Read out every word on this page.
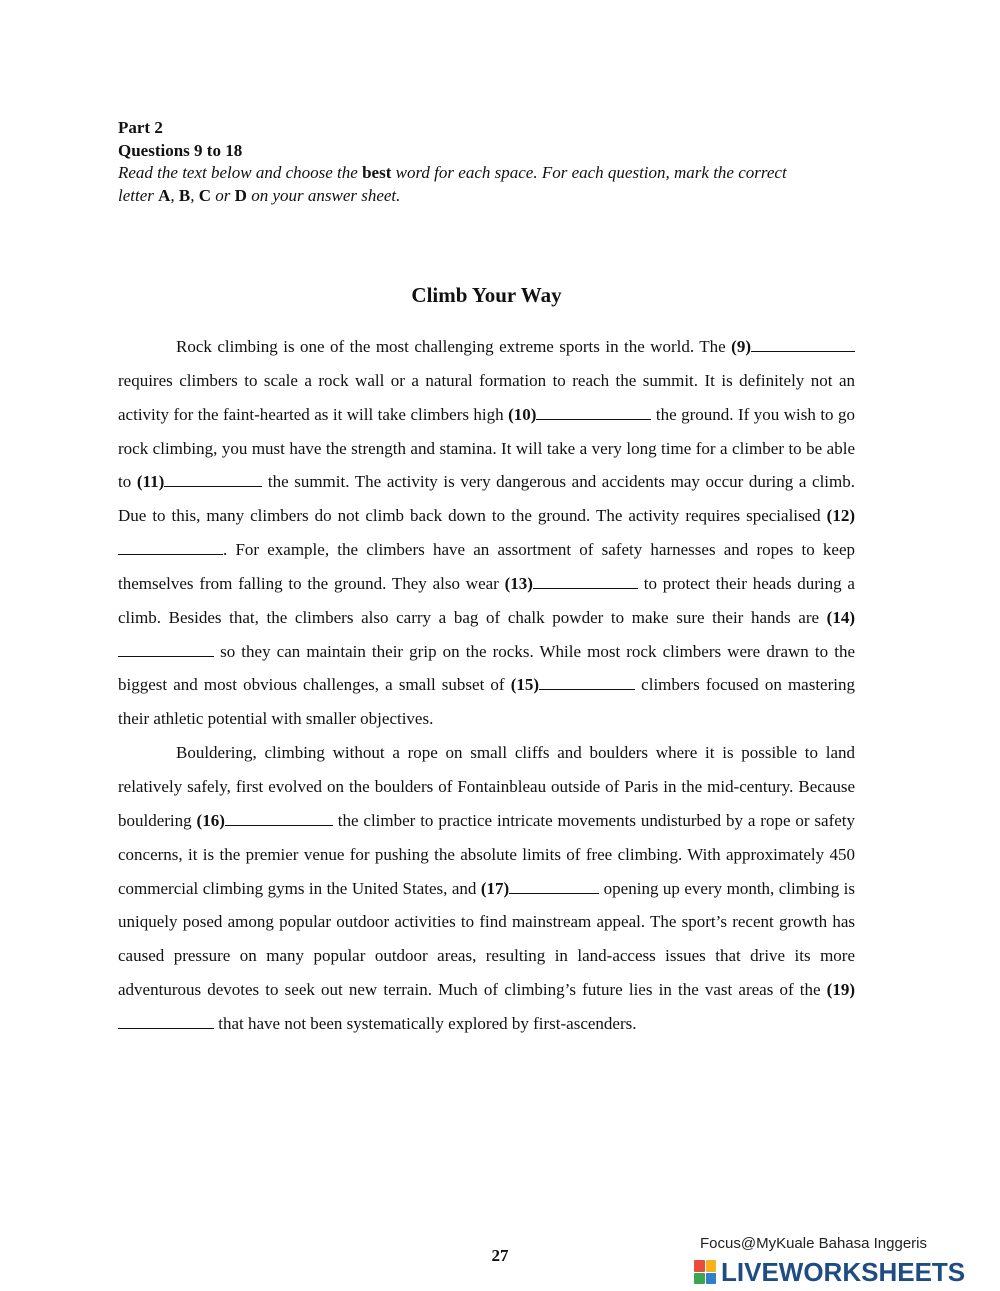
Part 2
Questions 9 to 18
Read the text below and choose the best word for each space. For each question, mark the correct
letter A, B, C or D on your answer sheet.
Climb Your Way

Rock climbing is one of the most challenging extreme sports in the world. The (9) requires climbers to scale a rock wall or a natural formation to reach the summit. It is definitely not an activity for the faint-hearted as it will take climbers high (10)	the ground. If you wish to go rock climbing, you must have the strength and stamina. It will take a very long time for a climber to be able to (11)	the summit. The activity is very dangerous and accidents may occur during a climb. Due to this, many climbers do not climb back down to the ground. The activity requires specialised (12). For example, the climbers have an assortment of safety harnesses and ropes to keep themselves from falling to the ground. They also wear (13)	to protect their heads during a climb. Besides that, the climbers also carry a bag of chalk powder to make sure their hands are (14) so they can maintain their grip on the rocks. While most rock climbers were drawn to the biggest and most obvious challenges, a small subset of (15)	climbers focused on mastering their athletic potential with smaller objectives.

Bouldering, climbing without a rope on small cliffs and boulders where it is possible to land relatively safely, first evolved on the boulders of Fontainbleau outside of Paris in the mid-century. Because bouldering (16)	the climber to practice intricate movements undisturbed by a rope or safety concerns, it is the premier venue for pushing the absolute limits of free climbing. With approximately 450 commercial climbing gyms in the United States, and (17)	opening up every month, climbing is uniquely posed among popular outdoor activities to find mainstream appeal. The sport’s recent growth has caused pressure on many popular outdoor areas, resulting in land-access issues that drive its more adventurous devotes to seek out new terrain. Much of climbing’s future lies in the vast areas of the (19) that have not been systematically explored by first-ascenders.

27
Focus@MyKuale Bahasa Inggeris
LIVEWORKSHEETS
